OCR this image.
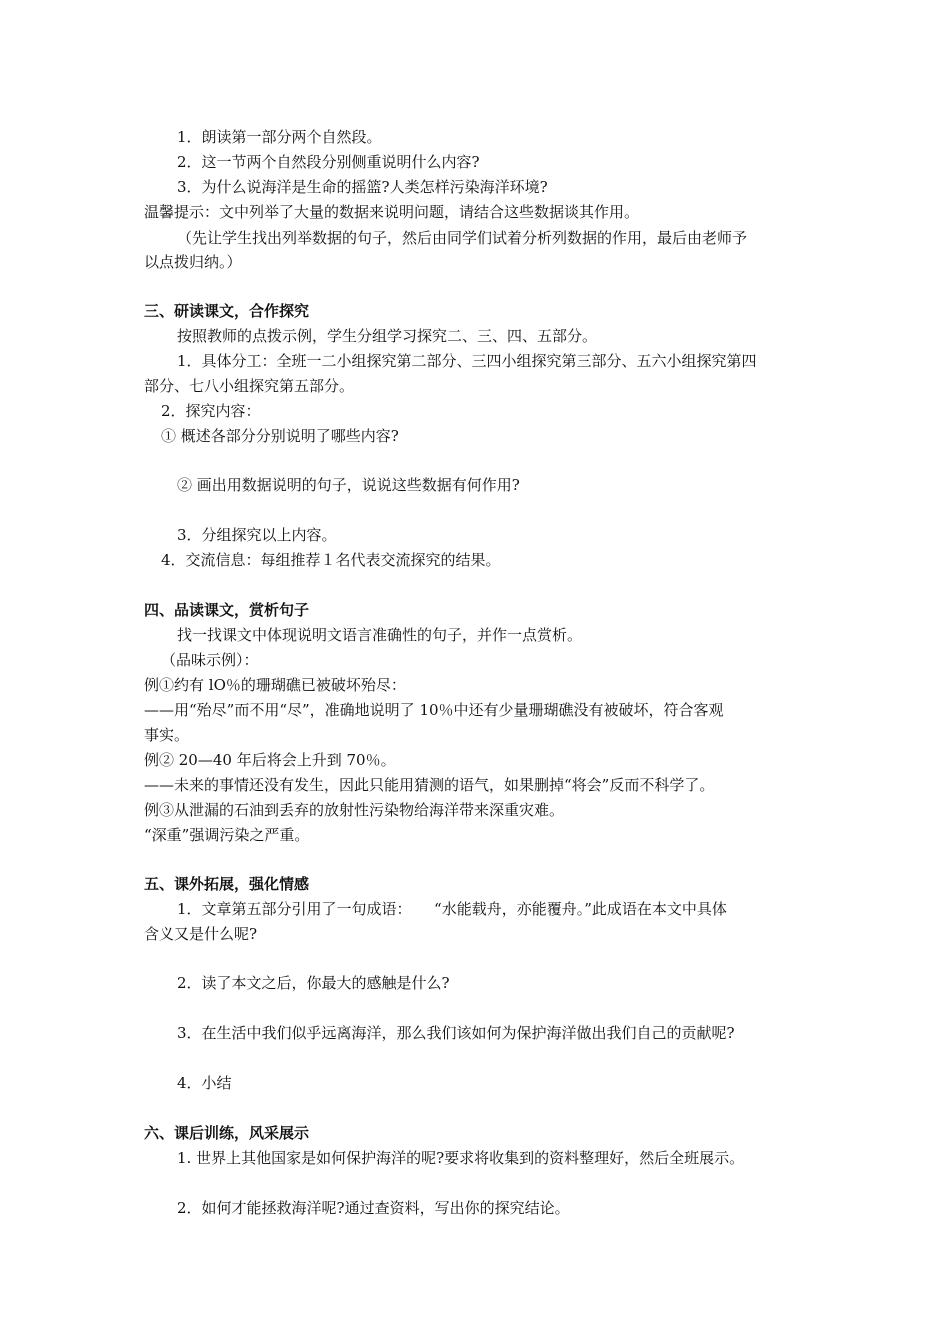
1．朗读第一部分两个自然段。
2．这一节两个自然段分别侧重说明什么内容?
3．为什么说海洋是生命的摇篮?人类怎样污染海洋环境?
温馨提示：文中列举了大量的数据来说明问题，请结合这些数据谈其作用。
（先让学生找出列举数据的句子，然后由同学们试着分析列数据的作用，最后由老师予
以点拨归纳。）
三、研读课文，合作探究
按照教师的点拨示例，学生分组学习探究二、三、四、五部分。
1．具体分工：全班一二小组探究第二部分、三四小组探究第三部分、五六小组探究第四
部分、七八小组探究第五部分。
2．探究内容：
① 概述各部分分别说明了哪些内容?
② 画出用数据说明的句子，说说这些数据有何作用?
3．分组探究以上内容。
4．交流信息：每组推荐１名代表交流探究的结果。
四、品读课文，赏析句子
找一找课文中体现说明文语言准确性的句子，并作一点赏析。
（品味示例）：
例①约有 lO％的珊瑚礁已被破坏殆尽：
——用“殆尽”而不用“尽”，准确地说明了 10％中还有少量珊瑚礁没有被破坏，符合客观
事实。
例② 20—40 年后将会上升到 70％。
——未来的事情还没有发生，因此只能用猜测的语气，如果删掉“将会”反而不科学了。
例③从泄漏的石油到丢弃的放射性污染物给海洋带来深重灾难。
“深重”强调污染之严重。
五、课外拓展，强化情感
1．文章第五部分引用了一句成语：　　“水能载舟，亦能覆舟。”此成语在本文中具体
含义又是什么呢?
2．读了本文之后，你最大的感触是什么?
3．在生活中我们似乎远离海洋，那么我们该如何为保护海洋做出我们自己的贡献呢?
4．小结
六、课后训练，风采展示
1. 世界上其他国家是如何保护海洋的呢?要求将收集到的资料整理好，然后全班展示。
2．如何才能拯救海洋呢?通过查资料，写出你的探究结论。
